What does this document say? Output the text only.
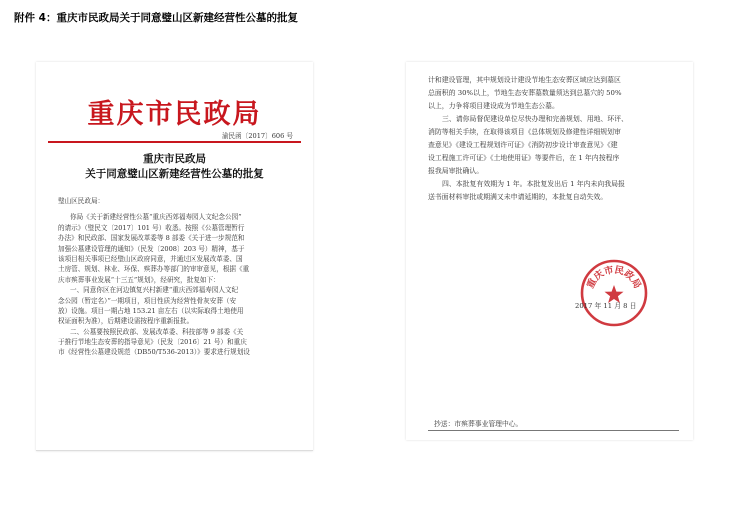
附件 4：重庆市民政局关于同意璧山区新建经营性公墓的批复
重庆市民政局
渝民函〔2017〕606 号
重庆市民政局
关于同意璧山区新建经营性公墓的批复
璧山区民政局：
你局《关于新建经营性公墓“重庆西郊福寿园人文纪念公园”
的请示》（璧民文〔2017〕101 号）收悉。按照《公墓管理暂行
办法》和民政部、国家发展改革委等 8 部委《关于进一步规范和
加强公墓建设管理的通知》（民发〔2008〕203 号）精神，基于
该项目相关事项已经璧山区政府同意，并通过区发展改革委、国
土房管、规划、林业、环保、殡葬办等部门的审审意见，根据《重
庆市殡葬事业发展“十三五”规划》，经研究，批复如下：
一、同意你区在河边镇复兴村新建“重庆西郊福寿园人文纪
念公园（暂定名）”一期项目，项目性质为经营性骨灰安葬（安
放）设施。项目一期占地 153.21 亩左右（以实际取得土地使用
权证面积为准），后期建设需按程序重新报批。
二、公墓要按照民政部、发展改革委、科技部等 9 部委《关
于推行节地生态安葬的指导意见》（民发〔2016〕21 号）和重庆
市《经营性公墓建设规范（DB50/T536-2013）》要求进行规划设
计和建设管理，其中规划设计建设节地生态安葬区域应达到墓区
总面积的 30%以上，节地生态安葬墓数量须达到总墓穴的 50%
以上，力争将项目建设成为节地生态公墓。
三、请你局督促建设单位尽快办理和完善规划、用地、环评、
消防等相关手续，在取得该项目《总体规划及修建性详细规划审
查意见》《建设工程规划许可证》《消防初步设计审查意见》《建
设工程施工许可证》《土地使用证》等要件后，在 1 年内按程序
报我局审批确认。
四、本批复有效期为 1 年。本批复发出后 1 年内未向我局报
送书面材料审批或期满又未申请延期的，本批复自动失效。
重庆市民政局
2017 年 11 月 8 日
抄送：市殡葬事业管理中心。
